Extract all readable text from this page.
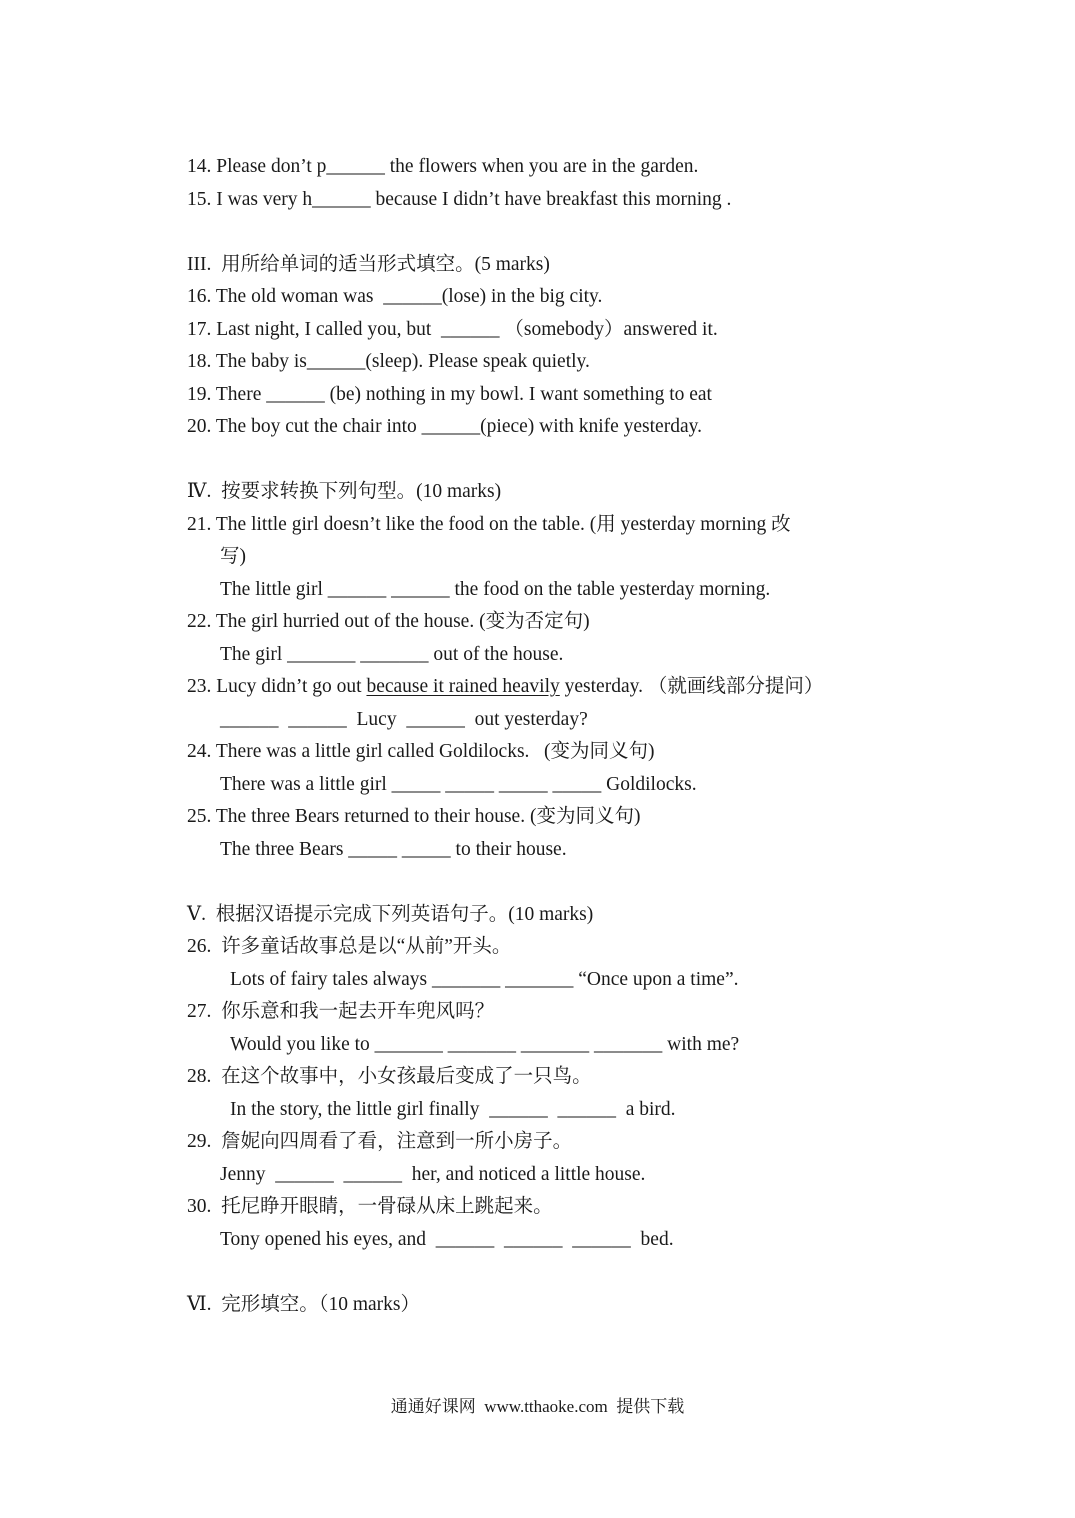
14. Please don’t p______ the flowers when you are in the garden.
15. I was very h______ because I didn’t have breakfast this morning .
III.  用所给单词的适当形式填空。(5 marks)
16. The old woman was  ______(lose) in the big city.
17. Last night, I called you, but  ______ （somebody）answered it.
18. The baby is______(sleep). Please speak quietly.
19. There ______ (be) nothing in my bowl. I want something to eat
20. The boy cut the chair into ______(piece) with knife yesterday.
Ⅳ.  按要求转换下列句型。(10 marks)
21. The little girl doesn’t like the food on the table. (用 yesterday morning 改
写)
The little girl ______ ______ the food on the table yesterday morning.
22. The girl hurried out of the house. (变为否定句)
The girl _______ _______ out of the house.
23. Lucy didn’t go out because it rained heavily yesterday. （就画线部分提问）
______  ______  Lucy  ______  out yesterday?
24. There was a little girl called Goldilocks.   (变为同义句)
There was a little girl _____ _____ _____ _____ Goldilocks.
25. The three Bears returned to their house. (变为同义句)
The three Bears _____ _____ to their house.
Ⅴ.  根据汉语提示完成下列英语句子。(10 marks)
26.  许多童话故事总是以“从前”开头。
Lots of fairy tales always _______ _______ “Once upon a time”.
27.  你乐意和我一起去开车兜风吗？
Would you like to _______ _______ _______ _______ with me?
28.  在这个故事中，小女孩最后变成了一只鸟。
In the story, the little girl finally  ______  ______  a bird.
29.  詹妮向四周看了看，注意到一所小房子。
Jenny  ______  ______  her, and noticed a little house.
30.  托尼睁开眼睛，一骨碌从床上跳起来。
Tony opened his eyes, and  ______  ______  ______  bed.
Ⅵ.  完形填空。（10 marks）
通通好课网  www.tthaoke.com  提供下载
